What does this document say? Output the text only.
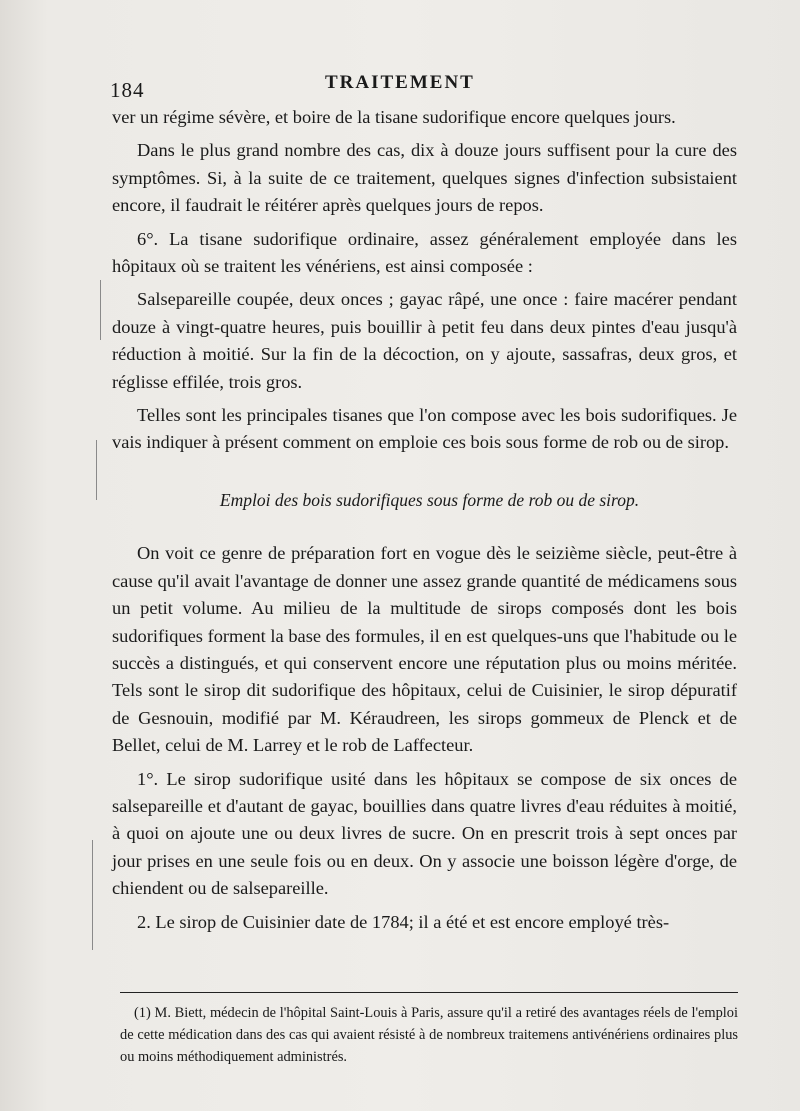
184	TRAITEMENT

ver un régime sévère, et boire de la tisane sudorifique encore quelques jours.

Dans le plus grand nombre des cas, dix à douze jours suffisent pour la cure des symptômes. Si, à la suite de ce traitement, quelques signes d'infection subsistaient encore, il faudrait le réitérer après quelques jours de repos.

6°. La tisane sudorifique ordinaire, assez généralement employée dans les hôpitaux où se traitent les vénériens, est ainsi composée :

Salsepareille coupée, deux onces ; gayac râpé, une once : faire macérer pendant douze à vingt-quatre heures, puis bouillir à petit feu dans deux pintes d'eau jusqu'à réduction à moitié. Sur la fin de la décoction, on y ajoute, sassafras, deux gros, et réglisse effilée, trois gros.

Telles sont les principales tisanes que l'on compose avec les bois sudorifiques. Je vais indiquer à présent comment on emploie ces bois sous forme de rob ou de sirop.

Emploi des bois sudorifiques sous forme de rob ou de sirop.

On voit ce genre de préparation fort en vogue dès le seizième siècle, peut-être à cause qu'il avait l'avantage de donner une assez grande quantité de médicamens sous un petit volume. Au milieu de la multitude de sirops composés dont les bois sudorifiques forment la base des formules, il en est quelques-uns que l'habitude ou le succès a distingués, et qui conservent encore une réputation plus ou moins méritée. Tels sont le sirop dit sudorifique des hôpitaux, celui de Cuisinier, le sirop dépuratif de Gesnouin, modifié par M. Kéraudreen, les sirops gommeux de Plenck et de Bellet, celui de M. Larrey et le rob de Laffecteur.

1°. Le sirop sudorifique usité dans les hôpitaux se compose de six onces de salsepareille et d'autant de gayac, bouillies dans quatre livres d'eau réduites à moitié, à quoi on ajoute une ou deux livres de sucre. On en prescrit trois à sept onces par jour prises en une seule fois ou en deux. On y associe une boisson légère d'orge, de chiendent ou de salsepareille.

2. Le sirop de Cuisinier date de 1784; il a été et est encore employé très-

(1) M. Biett, médecin de l'hôpital Saint-Louis à Paris, assure qu'il a retiré des avantages réels de l'emploi de cette médication dans des cas qui avaient résisté à de nombreux traitemens antivénériens ordinaires plus ou moins méthodiquement administrés.
